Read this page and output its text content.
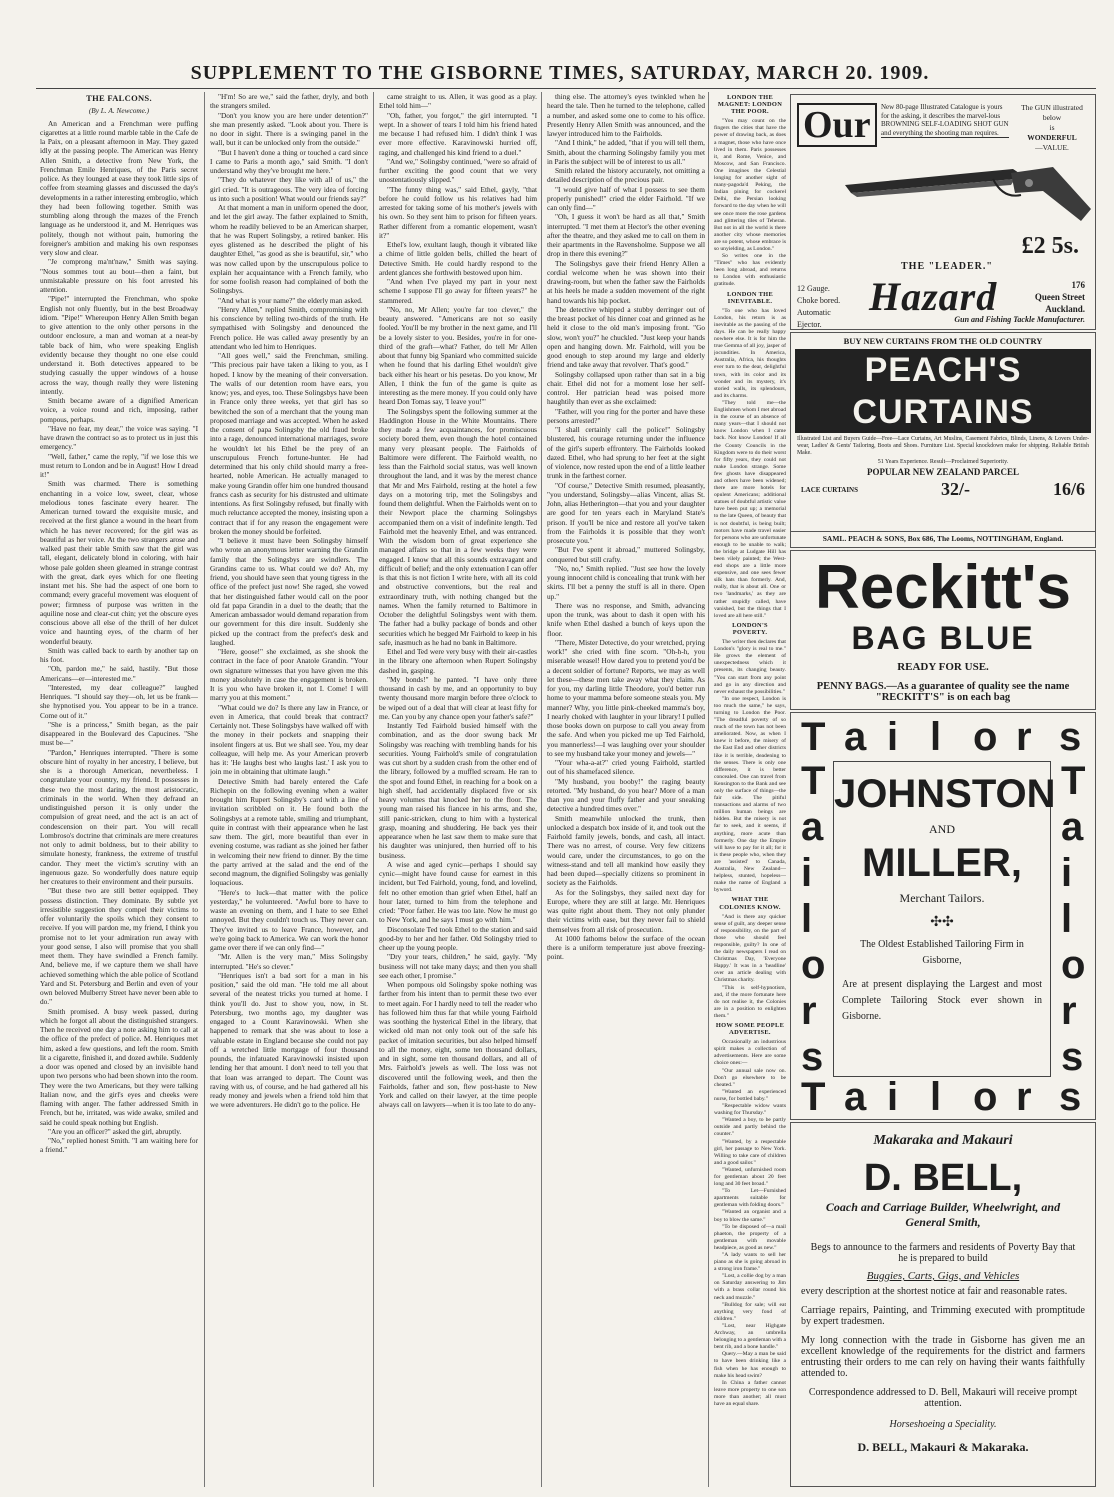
SUPPLEMENT TO THE GISBORNE TIMES, SATURDAY, MARCH 20. 1909.
THE FALCONS.

(By L. A. Newcome.)

An American and a Frenchman were puffing cigarettes at a little round marble table in the Cafe de la Paix, on a pleasant afternoon in May. They gazed idly at the passing people. The American was Henry Allen Smith, a detective from New York, the Frenchman Emile Henriques, of the Paris secret police. As they lounged at ease they took little sips of coffee from steaming glasses and discussed the day's developments in a rather interesting embroglio, which they had been following together. Smith was stumbling along through the mazes of the French language as he understood it, and M. Henriques was politely, though not without pain, humoring the foreigner's ambition and making his own responses very slow and clear.

"Je comprong ma'nt'naw," Smith was saying. "Nous sommes tout au bout—then a faint, but unmistakable pressure on his foot arrested his attention.

"Pipe!" interrupted the Frenchman, who spoke English not only fluently, but in the best Broadway idiom. "Pipe!" Whereupon Henry Allen Smith began to give attention to the only other persons in the outdoor enclosure, a man and woman at a near-by table back of him, who were speaking English evidently because they thought no one else could understand it. Both detectives appeared to be studying casually the upper windows of a house across the way, though really they were listening intently.

Smith became aware of a dignified American voice, a voice round and rich, imposing, rather pompous, perhaps.

"Have no fear, my dear," the voice was saying. "I have drawn the contract so as to protect us in just this emergency."

"Well, father," came the reply, "if we lose this we must return to London and be in August! How I dread it!"

Smith was charmed. There is something enchanting in a voice low, sweet, clear, whose melodious tones fascinate every hearer. The American turned toward the exquisite music, and received at the first glance a wound in the heart from which he has never recovered; for the girl was as beautiful as her voice. At the two strangers arose and walked past their table Smith saw that the girl was tall, elegant, delicately blond in coloring, with hair whose pale golden sheen gleamed in strange contrast with the great, dark eyes which for one fleeting instant met his. She had the aspect of one born to command; every graceful movement was eloquent of power; firmness of purpose was written in the aquiline nose and clear-cut chin; yet the obscure eyes conscious above all else of the thrill of her dulcet voice and haunting eyes, of the charm of her wonderful beauty.

Smith was called back to earth by another tap on his foot.

"Oh, pardon me," he said, hastily. "But those Americans—er—interested me."

"Interested, my dear colleague?" laughed Henriques. "I should say they—oh, let us be frank—she hypnotised you. You appear to be in a trance. Come out of it."

"She is a princess," Smith began, as the pair disappeared in the Boulevard des Capucines. "She must be—"

"Pardon," Henriques interrupted. "There is some obscure hint of royalty in her ancestry, I believe, but she is a thorough American, nevertheless. I congratulate your country, my friend. It possesses in these two the most daring, the most aristocratic, criminals in the world. When they defraud an undistinguished person it is only under the compulsion of great need, and the act is an act of condescension on their part. You will recall Lombroso's doctrine that criminals are mere creatures not only to admit boldness, but to their ability to simulate honesty, frankness, the extreme of trustful candor. They meet the victim's scrutiny with an ingenuous gaze. So wonderfully does nature equip her creatures to their environment and their pursuits.

"But these two are still better equipped. They possess distinction. They dominate. By subtle yet irresistible suggestion they compel their victims to offer voluntarily the spoils which they consent to receive. If you will pardon me, my friend, I think you promise not to let your admiration run away with your good sense, I also will promise that you shall meet them. They have swindled a French family. And, believe me, if we capture them we shall have achieved something which the able police of Scotland Yard and St. Petersburg and Berlin and even of your own beloved Mulberry Street have never been able to do."

Smith promised. A busy week passed, during which he forgot all about the distinguished strangers. Then he received one day a note asking him to call at the office of the prefect of police. M. Henriques met him, asked a few questions, and left the room. Smith lit a cigarette, finished it, and dozed awhile. Suddenly a door was opened and closed by an invisible hand upon two persons who had been shown into the room. They were the two Americans, but they were talking Italian now, and the girl's eyes and cheeks were flaming with anger. The father addressed Smith in French, but he, irritated, was wide awake, smiled and said he could speak nothing but English.

"Are you an officer?" asked the girl, abruptly.

"No," replied honest Smith. "I am waiting here for a friend."

"H'm! So are we," said the father, dryly, and both the strangers smiled.

"Don't you know you are here under detention?" she man presently asked. "Look about you. There is no door in sight. There is a swinging panel in the wall, but it can be unlocked only from the outside."

"But I haven't done a thing or touched a card since I came to Paris a month ago," said Smith. "I don't understand why they've brought me here."

"They do whatever they like with all of us," the girl cried. "It is outrageous. The very idea of forcing us into such a position! What would our friends say?"

At that moment a man in uniform opened the door, and let the girl away. The father explained to Smith, whom he readily believed to be an American sharper, that he was Rupert Solingsby, a retired banker. His eyes glistened as he described the plight of his daughter Ethel, "as good as she is beautiful, sir," who was now called upon by the unscrupulous police to explain her acquaintance with a French family, who for some foolish reason had complained of both the Solingsbys.

"And what is your name?" the elderly man asked.

"Henry Allen," replied Smith, compromising with his conscience by telling two-thirds of the truth. He sympathised with Solingsby and denounced the French police. He was called away presently by an attendant who led him to Henriques.

"All goes well," said the Frenchman, smiling. "This precious pair have taken a liking to you, as I hoped. I know by the meaning of their conversation. The walls of our detention room have ears, you know; yes, and eyes, too. These Solingsbys have been in France only three weeks, yet that girl has so bewitched the son of a merchant that the young man proposed marriage and was accepted. When he asked the consent of papa Solingsby the old fraud broke into a rage, denounced international marriages, swore he wouldn't let his Ethel be the prey of an unscrupulous French fortune-hunter. He had determined that his only child should marry a free-hearted, noble American. He actually managed to make young Grandin offer him one hundred thousand francs cash as security for his distrusted and ultimate intentions. As first Solingsby refused, but finally with much reluctance accepted the money, insisting upon a contract that if for any reason the engagement were broken the money should be forfeited.

"I believe it must have been Solingsby himself who wrote an anonymous letter warning the Grandin family that the Solingsbys are swindlers. The Grandins came to us. What could we do? Ah, my friend, you should have seen that young tigress in the office of the prefect just now! She raged, she vowed that her distinguished father would call on the poor old fat papa Grandin in a duel to the death; that the American ambassador would demand reparation from our government for this dire insult. Suddenly she picked up the contract from the prefect's desk and laughed.

"Here, goose!" she exclaimed, as she shook the contract in the face of poor Anatole Grandin. "Your own signature witnesses that you have given me this money absolutely in case the engagement is broken. It is you who have broken it, not I. Come! I will marry you at this moment."

"What could we do? Is there any law in France, or even in America, that could break that contract? Certainly not. These Solingsbys have walked off with the money in their pockets and snapping their insolent fingers at us. But we shall see. You, my dear colleague, will help me. As your American proverb has it: 'He laughs best who laughs last.' I ask you to join me in obtaining that ultimate laugh."

Detective Smith had barely entered the Cafe Richepin on the following evening when a waiter brought him Rupert Solingsby's card with a line of invitation scribbled on it. He found both the Solingsbys at a remote table, smiling and triumphant, quite in contrast with their appearance when he last saw them. The girl, more beautiful than ever in evening costume, was radiant as she joined her father in welcoming their new friend to dinner. By the time the party arrived at the salad and the end of the second magnum, the dignified Solingsby was genially loquacious.

"Here's to luck—that matter with the police yesterday," he volunteered. "Awful bore to have to waste an evening on them, and I hate to see Ethel annoyed. But they couldn't touch us. They never can. They've invited us to leave France, however, and we're going back to America. We can work the honor game over there if we can only find—"

"Mr. Allen is the very man," Miss Solingsby interrupted. "He's so clever."

"Henriques isn't a bad sort for a man in his position," said the old man. "He told me all about several of the neatest tricks you turned at home. I think you'll do. Just to show you, now, in St. Petersburg, two months ago, my daughter was engaged to a Count Karavinowski. When she happened to remark that she was about to lose a valuable estate in England because she could not pay off a wretched little mortgage of four thousand pounds, the infatuated Karavinowski insisted upon lending her that amount. I don't need to tell you that that loan was arranged to depart. The Count was raving with us, of course, and he had gathered all his ready money and jewels when a friend told him that we were adventurers. He didn't go to the police. He

came straight to us. Allen, it was good as a play. Ethel told him—"

"Oh, father, you forgot," the girl interrupted. "I wept. In a shower of tears I told him his friend hated me because I had refused him. I didn't think I was ever more effective. Karavinowski hurried off, raging, and challenged his kind friend to a duel."

"And we," Solingsby continued, "were so afraid of further exciting the good count that we very unostentatiously slipped."

"The funny thing was," said Ethel, gayly, "that before he could follow us his relatives had him arrested for taking some of his mother's jewels with his own. So they sent him to prison for fifteen years. Rather different from a romantic elopement, wasn't it?"

Ethel's low, exultant laugh, though it vibrated like a chime of little golden bells, chilled the heart of Detective Smith. He could hardly respond to the ardent glances she forthwith bestowed upon him.

"And when I've played my part in your next scheme I suppose I'll go away for fifteen years?" he stammered.

"No, no, Mr Allen; you're far too clever," the beauty answered. "Americans are not so easily fooled. You'll be my brother in the next game, and I'll be a lovely sister to you. Besides, you're in for one-third of the graft—what? Father, do tell Mr Allen about that funny big Spaniard who committed suicide when he found that his darling Ethel wouldn't give back either his heart or his pesetas. Do you know, Mr Allen, I think the fun of the game is quite as interesting as the mere money. If you could only have heard Don Tomas say, 'I leave you!'"

The Solingsbys spent the following summer at the Haddington House in the White Mountains. There they made a few acquaintances, for promiscuous society bored them, even though the hotel contained many very pleasant people. The Fairholds of Baltimore were different. The Fairhold wealth, no less than the Fairhold social status, was well known throughout the land, and it was by the merest chance that Mr and Mrs Fairhold, resting at the hotel a few days on a motoring trip, met the Solingsbys and found them delightful. When the Fairholds went on to their Newport place the charming Solingsbys accompanied them on a visit of indefinite length. Ted Fairhold met the heavenly Ethel, and was entranced. With the wisdom born of great experience she managed affairs so that in a few weeks they were engaged. I know that all this sounds extravagant and difficult of belief; and the only extenuation I can offer is that this is not fiction I write here, with all its cold and obstructive conventions, but the real and extraordinary truth, with nothing changed but the names. When the family returned to Baltimore in October the delightful Solingsbys went with them. The father had a bulky package of bonds and other securities which he begged Mr Fairhold to keep in his safe, inasmuch as he had no bank in Baltimore.

Ethel and Ted were very busy with their air-castles in the library one afternoon when Rupert Solingsby dashed in, gasping.

"My bonds!" he panted. "I have only three thousand in cash by me, and an opportunity to buy twenty thousand more margin before three o'clock to be wiped out of a deal that will clear at least fifty for me. Can you by any chance open your father's safe?"

Instantly Ted Fairhold busied himself with the combination, and as the door swung back Mr Solingsby was reaching with trembling hands for his securities. Young Fairhold's smile of congratulation was cut short by a sudden crash from the other end of the library, followed by a muffled scream. He ran to the spot and found Ethel, in reaching for a book on a high shelf, had accidentally displaced five or six heavy volumes that knocked her to the floor. The young man raised his fiancee in his arms, and she, still panic-stricken, clung to him with a hysterical grasp, moaning and shuddering. He back yes their appearance when he last saw them to make sure that his daughter was uninjured, then hurried off to his business.

A wise and aged cynic—perhaps I should say cynic—might have found cause for earnest in this incident, but Ted Fairhold, young, fond, and lovelind, felt no other emotion than grief when Ethel, half an hour later, turned to him from the telephone and cried: "Poor father. He was too late. Now he must go to New York, and he says I must go with him."

Disconsolate Ted took Ethel to the station and said good-by to her and her father. Old Solingsby tried to cheer up the young people.

"Dry your tears, children," he said, gayly. "My business will not take many days; and then you shall see each other, I promise."

When pompous old Solingsby spoke nothing was farther from his intent than to permit these two ever to meet again. For I hardly need to tell the reader who has followed him thus far that while young Fairhold was soothing the hysterical Ethel in the library, that wicked old man not only took out of the safe his packet of imitation securities, but also helped himself to all the money, eight, some ten thousand dollars, and in sight, some ten thousand dollars, and all of Mrs. Fairhold's jewels as well. The loss was not discovered until the following week, and then the Fairholds, father and son, flew post-haste to New York and called on their lawyer, at the time people always call on lawyers—when it is too late to do any-

thing else. The attorney's eyes twinkled when he heard the tale. Then he turned to the telephone, called a number, and asked some one to come to his office. Presently Henry Allen Smith was announced, and the lawyer introduced him to the Fairholds.

"And I think," he added, "that if you will tell them, Smith, about the charming Solingsby family you met in Paris the subject will be of interest to us all."

Smith related the history accurately, not omitting a detailed description of the precious pair.

"I would give half of what I possess to see them properly punished!" cried the elder Fairhold. "If we can only find—"

"Oh, I guess it won't be hard as all that," Smith interrupted. "I met them at Hector's the other evening after the theatre, and they asked me to call on them in their apartments in the Ravensholme. Suppose we all drop in there this evening?"

The Solingsbys gave their friend Henry Allen a cordial welcome when he was shown into their drawing-room, but when the father saw the Fairholds at his heels he made a sudden movement of the right hand towards his hip pocket.

The detective whipped a stubby derringer out of the breast pocket of his dinner coat and grinned as he held it close to the old man's imposing front. "Go slow, won't you?" he chuckled. "Just keep your hands open and hanging down. Mr. Fairhold, will you be good enough to step around my large and elderly friend and take away that revolver. That's good."

Solingsby collapsed upon rather than sat in a big chair. Ethel did not for a moment lose her self-control. Her patrician head was poised more haughtily than ever as she exclaimed:

"Father, will you ring for the porter and have these persons arrested?"

"I shall certainly call the police!" Solingsby blustered, his courage returning under the influence of the girl's superb effrontery. The Fairholds looked dazed. Ethel, who had sprung to her feet at the sight of violence, now rested upon the end of a little leather trunk in the farthest corner.

"Of course," Detective Smith resumed, pleasantly, "you understand, Solingsby—alias Vincent, alias St. John, alias Hetherington—that you and your daughter are good for ten years each in Maryland State's prison. If you'll be nice and restore all you've taken from the Fairholds it is possible that they won't prosecute you."

"But I've spent it abroad," muttered Solingsby, conquered but still crafty.

"No, no," Smith replied. "Just see how the lovely young innocent child is concealing that trunk with her skirts. I'll bet a penny the stuff is all in there. Open up."

There was no response, and Smith, advancing upon the trunk, was about to dash it open with his knife when Ethel dashed a bunch of keys upon the floor.

"There, Mister Detective, do your wretched, prying work!" she cried with fine scorn. "Oh-h-h, you miserable weasel! How dared you to pretend you'd be a decent soldier of fortune? Reports, we may as well let these—these men take away what they claim. As for you, my darling little Theodore, you'd better run home to your mamma before someone steals you. My manner? Why, you little pink-cheeked mamma's boy, I nearly choked with laughter in your library! I pulled those books down on purpose to call you away from the safe. And when you picked me up Ted Fairhold, you mannerless!—I was laughing over your shoulder to see my husband take your money and jewels—"

"Your wha-a-at?" cried young Fairhold, startled out of his shamefaced silence.

"My husband, you booby!" the raging beauty retorted. "My husband, do you hear? More of a man than you and your fluffy father and your sneaking detective a hundred times over."

Smith meanwhile unlocked the trunk, then unlocked a despatch box inside of it, and took out the Fairhold family jewels, bonds, and cash, all intact. There was no arrest, of course. Very few citizens would care, under the circumstances, to go on the witness-stand and tell all mankind how easily they had been duped—specially citizens so prominent in society as the Fairholds.

As for the Solingsbys, they sailed next day for Europe, where they are still at large. Mr. Henriques was quite right about them. They not only plunder their victims with ease, but they never fail to shield themselves from all risk of prosecution.

At 1000 fathoms below the surface of the ocean there is a uniform temperature just above freezing-point.

LONDON THE MAGNET: LONDON THE POOR.

"You may count on the fingers the cities that have the power of drawing back, as does a magnet, those who have once lived in them. Paris possesses it, and Rome, Venice, and Moscow, and San Francisco. One imagines the Celestial longing for another sight of many-pagoda'd Peking, the Indian pining for cockerel Delhi, the Persian looking forward to the day when he will see once more the rose gardens and glittering tiles of Teheran. But not in all the world is there another city whose memories are so potent, whose embrace is so unyielding, as London."

So writes one in the "Times" who has evidently been long abroad, and returns to London with enthusiastic gratitude.

LONDON THE INEVITABLE.

"To one who has loved London, his return is as inevitable as the passing of the days. He can be really happy nowhere else. It is for him the true Gemma of all joy, jasper of jocundities. In America, Australia, Africa, his thoughts ever turn to the dear, delightful town, with its color and its wonder and its mystery, it's storied walls, its splendours, and its charms.

"They told me—the Englishmen whom I met abroad in the course of an absence of many years—that I should not know London when I came back. Not know London! If all the County Councils in the Kingdom were to do their worst for fifty years, they could not make London strange. Some few ghosts have disappeared and others have been widened; there are more hotels for opulent Americans; additional statues of doubtful artistic value have been put up; a memorial to the late Queen, of beauty that is not doubtful, is being built; motors have made travel easier for persons who are unfortunate enough to be unable to walk; the bridge at Ludgate Hill has been vilely painted; the West-end shops are a little more expensive, and one sees fewer silk hats than formerly. And, really, that is about all. One or two 'landmarks,' as they are rather stupidly called, have vanished, but the things that I loved are all here still."

LONDON'S POVERTY.

The writer then declares that London's "glory is real to me." He grows the element of unexpectedness which it presents, its changing beauty. "You can start from any point and go in any direction and never exhaust the possibilities."

"In one respect, London is too much the same," he says, turning to London the Poor. "The dreadful poverty of so much of the town has not been ameliorated. Now, as when I knew it before, the misery of the East End and other districts like it is terrible, deadening to the senses. There is only one difference, it is better concealed. One can travel from Kensington to the Bank and see only the surface of things—the fair side. The pitiful transactions and alarms of two million human beings are hidden. But the misery is not far to seek, and it seems, if anything, more acute than formerly. One day the Empire will have to pay for it all; for it is these people who, when they are 'assisted' to Canada, Australia, New Zealand—helpless, stunted, hopeless—make the name of England a byword.

WHAT THE COLONIES KNOW.

"And is there any quicker sense of guilt, any deeper sense of responsibility, on the part of those who should feel responsible, guilty? In one of the daily newspapers I read on Christmas Day, 'Everyone Happy.' It was in a 'headline' over an article dealing with Christmas charity.

"This is self-hypnotism, and, if the more fortunate here do not realise it, the Colonies are in a position to enlighten them."

HOW SOME PEOPLE ADVERTISE.

Occasionally an industrious spirit makes a collection of advertisements. Here are some choice ones:—

"Our annual sale now on. Don't go elsewhere to be cheated."

"Wanted an experienced nurse, for bottled baby."

"Respectable widow wants washing for Thursday."

"Wanted a boy, to be partly outside and partly behind the counter."

"Wanted, by a respectable girl, her passage to New York. Willing to take care of children and a good sailor."

"Wanted, unfurnished room for gentleman about 20 feet long and 30 feet broad."

"To Let—Furnished apartments suitable for gentleman with folding doors."

"Wanted an organist and a boy to blow the same."

"To be disposed of—a mail phaeton, the property of a gentleman with movable headpiece, as good as new."

"A lady wants to sell her piano as she is going abroad in a strong iron frame."

"Lost, a collie dog by a man on Saturday answering to Jim with a brass collar round his neck and muzzle."

"Bulldog for sale; will eat anything very fond of children."

"Lost, near Highgate Archway, an umbrella belonging to a gentleman with a bent rib, and a bone handle."

Query.—May a man be said to have been drinking like a fish when he has enough to make his head swim?

In China a father cannot leave more property to one son more than another; all must have an equal share.

Our	New 80-page Illustrated Catalogue is yours for the asking, it describes the marvel-lous BROWNING SELF-LOADING SHOT GUN and everything the shooting man requires.
The GUN illustrated below
is
WONDERFUL
—VALUE.
£2 5s.
THE "LEADER."
12 Gauge.
Choke bored.
Automatic Ejector.
Hazard	176
Queen Street
Auckland.
Gun and Fishing Tackle Manufacturer.
BUY NEW CURTAINS FROM THE OLD COUNTRY
PEACH'S CURTAINS
Illustrated List and Buyers Guide—Free—Lace Curtains, Art Muslins, Casement Fabrics, Blinds, Linens, & Lovers Under-wear, Ladies' & Gents' Tailoring, Boots and Shoes. Furniture List. Special knockdown make for shipping. Reliable British Make.
51 Years Experience. Result—Proclaimed Superiority.
POPULAR NEW ZEALAND PARCEL
LACE CURTAINS	32/-	16/6
SAML. PEACH & SONS, Box 686, The Looms, NOTTINGHAM, England.
Reckitt's
BAG BLUE
READY FOR USE.
PENNY BAGS.—As a guarantee of quality see the name "RECKITT'S" is on each bag
T a i l o r s
T
a
i
l
o
r
s
T
a
i
l
o
r
s
T a i l o r s
JOHNSTON
AND
MILLER,
Merchant Tailors.
✣✣
The Oldest Established Tailoring Firm in Gisborne,
Are at present displaying the Largest and most Complete Tailoring Stock ever shown in Gisborne.
Makaraka and Makauri
D. BELL,
Coach and Carriage Builder, Wheelwright, and General Smith,
Begs to announce to the farmers and residents of Poverty Bay that he is prepared to build
Buggies, Carts, Gigs, and Vehicles
every description at the shortest notice at fair and reasonable rates.
Carriage repairs, Painting, and Trimming executed with promptitude by expert tradesmen.
My long connection with the trade in Gisborne has given me an excellent knowledge of the requirements for the district and farmers entrusting their orders to me can rely on having their wants faithfully attended to.
Correspondence addressed to D. Bell, Makauri will receive prompt attention.
Horseshoeing a Speciality.
D. BELL, Makauri & Makaraka.
